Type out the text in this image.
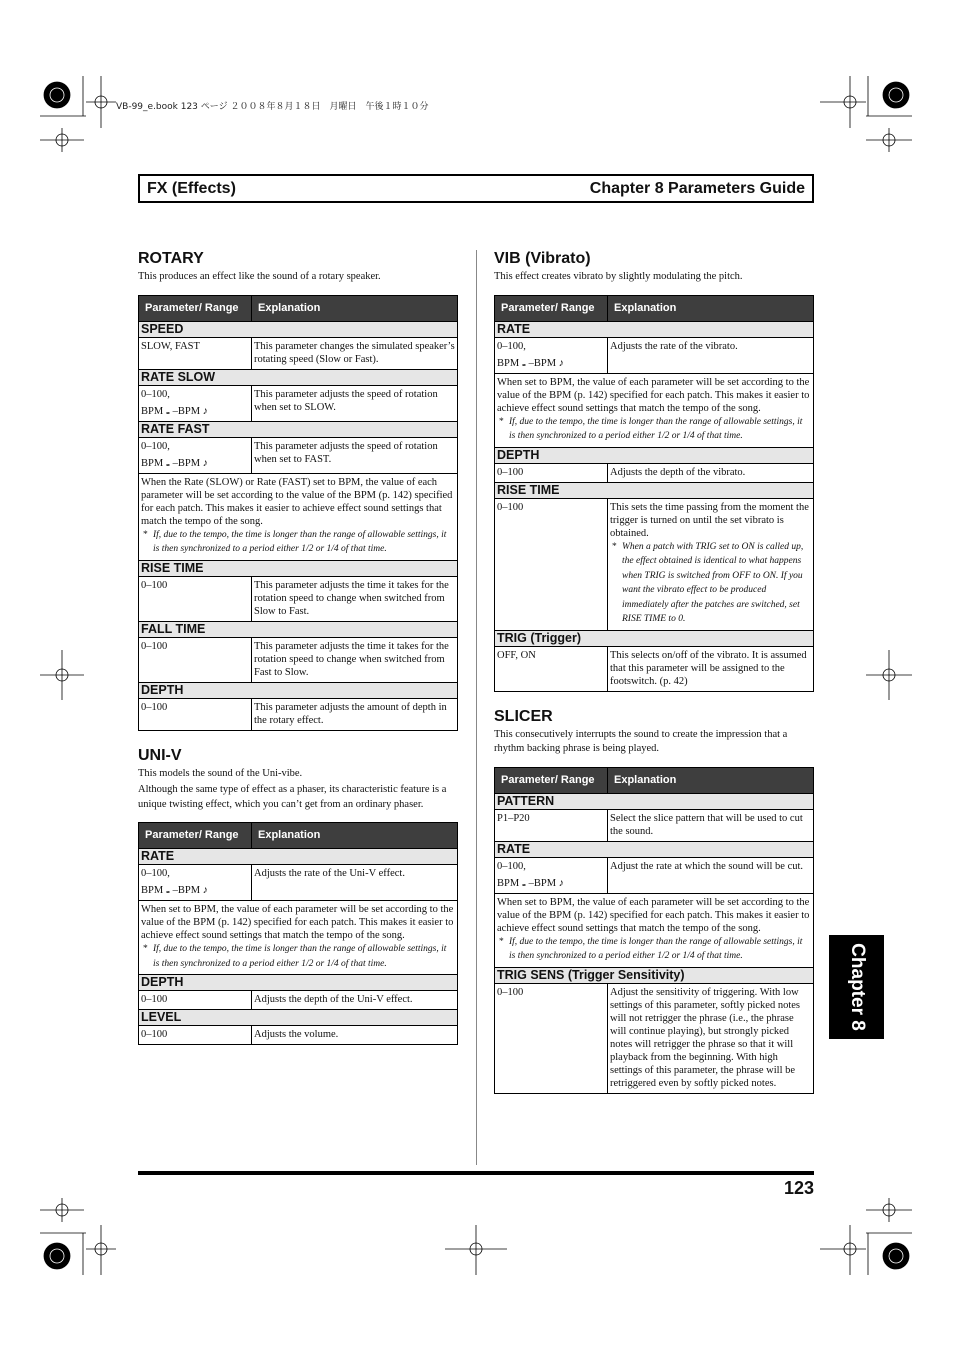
VB-99_e.book 123 ページ ２００８年８月１８日　月曜日　午後１時１０分
FX (Effects)	Chapter 8 Parameters Guide
ROTARY

This produces an effect like the sound of a rotary speaker.

Parameter/ Range	Explanation
SPEED	
SLOW, FAST	This parameter changes the simulated speaker’s rotating speed (Slow or Fast).
RATE SLOW	

0–100,
BPM 𝅝 –BPM ♪	This parameter adjusts the speed of rotation when set to SLOW.
RATE FAST	

0–100,
BPM 𝅝 –BPM ♪	This parameter adjusts the speed of rotation when set to FAST.

When the Rate (SLOW) or Rate (FAST) set to BPM, the value of each parameter will be set according to the value of the BPM (p. 142) specified for each patch. This makes it easier to achieve effect sound settings that match the tempo of the song.
* If, due to the tempo, the time is longer than the range of allowable settings, it is then synchronized to a period either 1/2 or 1/4 of that time.

RISE TIME	
0–100	This parameter adjusts the time it takes for the rotation speed to change when switched from Slow to Fast.
FALL TIME	
0–100	This parameter adjusts the time it takes for the rotation speed to change when switched from Fast to Slow.
DEPTH	
0–100	This parameter adjusts the amount of depth in the rotary effect.
UNI-V

This models the sound of the Uni-vibe.

Although the same type of effect as a phaser, its characteristic feature is a unique twisting effect, which you can’t get from an ordinary phaser.

Parameter/ Range	Explanation
RATE	

0–100,
BPM 𝅝 –BPM ♪	Adjusts the rate of the Uni-V effect.

When set to BPM, the value of each parameter will be set according to the value of the BPM (p. 142) specified for each patch. This makes it easier to achieve effect sound settings that match the tempo of the song.
* If, due to the tempo, the time is longer than the range of allowable settings, it is then synchronized to a period either 1/2 or 1/4 of that time.

DEPTH	
0–100	Adjusts the depth of the Uni-V effect.
LEVEL	
0–100	Adjusts the volume.
VIB (Vibrato)

This effect creates vibrato by slightly modulating the pitch.

Parameter/ Range	Explanation
RATE	

0–100,
BPM 𝅝 –BPM ♪	Adjusts the rate of the vibrato.

When set to BPM, the value of each parameter will be set according to the value of the BPM (p. 142) specified for each patch. This makes it easier to achieve effect sound settings that match the tempo of the song.
* If, due to the tempo, the time is longer than the range of allowable settings, it is then synchronized to a period either 1/2 or 1/4 of that time.

DEPTH	
0–100	Adjusts the depth of the vibrato.
RISE TIME	
0–100	This sets the time passing from the moment the trigger is turned on until the set vibrato is obtained.
* When a patch with TRIG set to ON is called up, the effect obtained is identical to what happens when TRIG is switched from OFF to ON. If you want the vibrato effect to be produced immediately after the patches are switched, set RISE TIME to 0.

TRIG (Trigger)	
OFF, ON	This selects on/off of the vibrato. It is assumed that this parameter will be assigned to the footswitch. (p. 42)
SLICER

This consecutively interrupts the sound to create the impression that a rhythm backing phrase is being played.

Parameter/ Range	Explanation
PATTERN	
P1–P20	Select the slice pattern that will be used to cut the sound.
RATE	

0–100,
BPM 𝅝 –BPM ♪	Adjust the rate at which the sound will be cut.

When set to BPM, the value of each parameter will be set according to the value of the BPM (p. 142) specified for each patch. This makes it easier to achieve effect sound settings that match the tempo of the song.
* If, due to the tempo, the time is longer than the range of allowable settings, it is then synchronized to a period either 1/2 or 1/4 of that time.

TRIG SENS (Trigger Sensitivity)	
0–100	Adjust the sensitivity of triggering. With low settings of this parameter, softly picked notes will not retrigger the phrase (i.e., the phrase will continue playing), but strongly picked notes will retrigger the phrase so that it will playback from the beginning. With high settings of this parameter, the phrase will be retriggered even by softly picked notes.
Chapter 8
123
